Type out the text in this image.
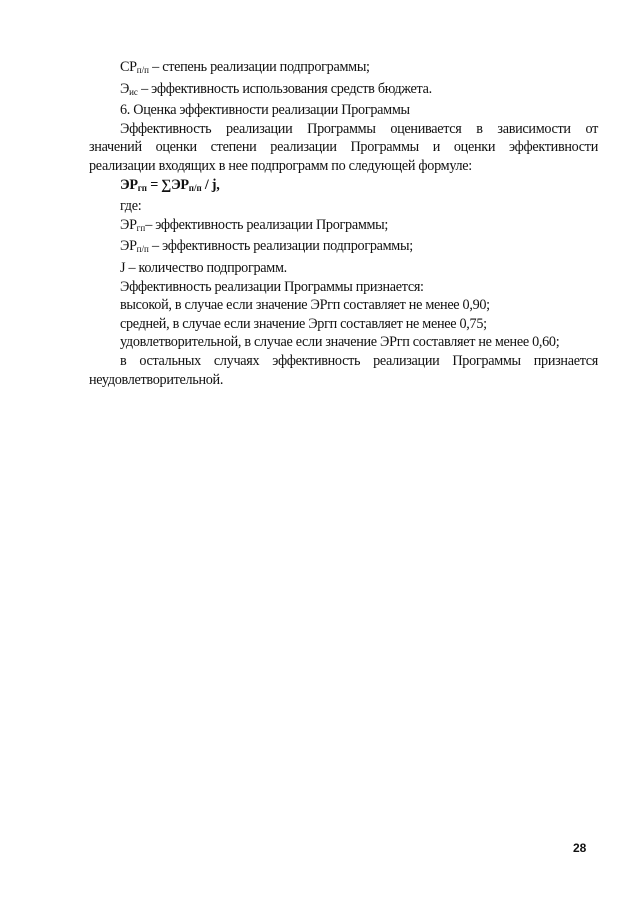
$СР_{п/п}$ – степень реализации подпрограммы;
$Э_{ис}$ – эффективность использования средств бюджета.
6. Оценка эффективности реализации Программы
Эффективность реализации Программы оценивается в зависимости от
значений оценки степени реализации Программы и оценки эффективности
реализации входящих в нее подпрограмм по следующей формуле:
$ЭР_{гп} = \sum ЭР_{п/п} / j$,
где:
$ЭР_{гп}-$ эффективность реализации Программы;
$ЭР_{п/п}$ – эффективность реализации подпрограммы;
J – количество подпрограмм.
Эффективность реализации Программы признается:
высокой, в случае если значение ЭРгп составляет не менее 0,90;
средней, в случае если значение Эргп составляет не менее 0,75;
удовлетворительной, в случае если значение ЭРгп составляет не менее 0,60;
в остальных случаях эффективность реализации Программы признается
неудовлетворительной.
28
